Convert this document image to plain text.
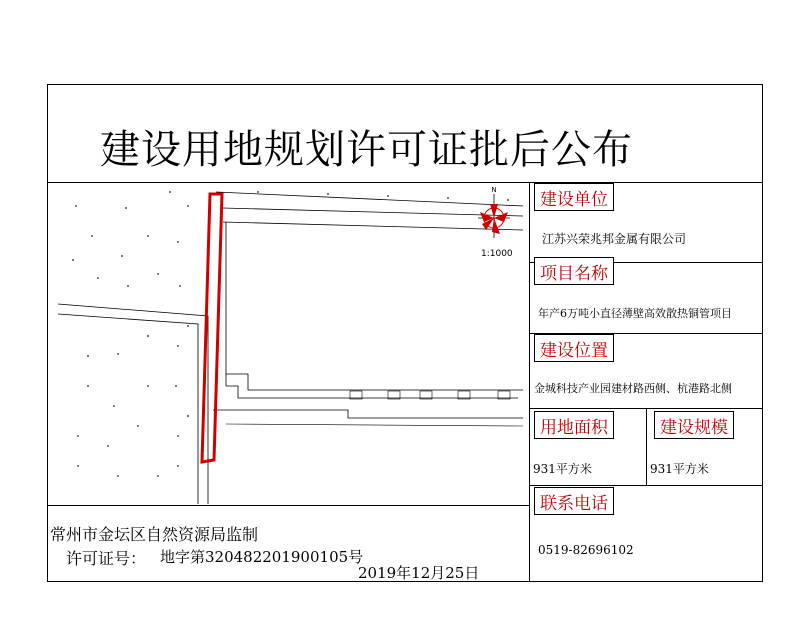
建设用地规划许可证批后公布
N
1:1000
建设单位
江苏兴荣兆邦金属有限公司
项目名称
年产6万吨小直径薄壁高效散热铜管项目
建设位置
金城科技产业园建材路西侧、杭港路北侧
用地面积	建设规模
931平方米	931平方米
联系电话
0519-82696102
常州市金坛区自然资源局监制
许可证号： 地字第320482201900105号
2019年12月25日
